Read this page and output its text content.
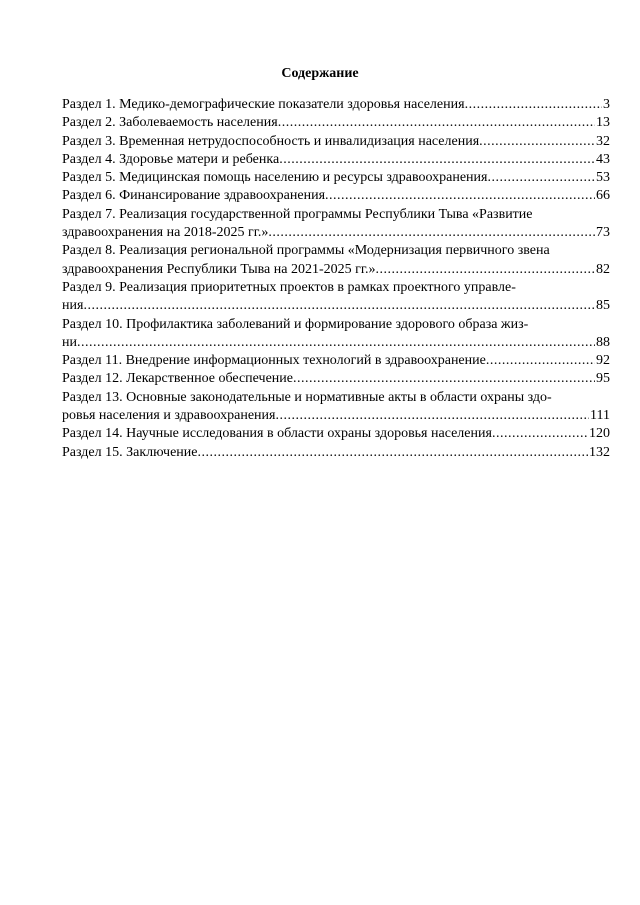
Содержание
Раздел 1. Медико-демографические показатели здоровья населения .....	3
Раздел 2. Заболеваемость населения .....	13
Раздел 3. Временная нетрудоспособность и инвалидизация населения .....	32
Раздел 4. Здоровье матери и ребенка .....	43
Раздел 5. Медицинская помощь населению и ресурсы здравоохранения .....	53
Раздел 6. Финансирование здравоохранения .....	66
Раздел 7. Реализация государственной программы Республики Тыва «Развитие
здравоохранения на 2018-2025 гг.» .....	73
Раздел 8. Реализация региональной программы «Модернизация первичного звена
здравоохранения Республики Тыва на 2021-2025 гг.» .....	82
Раздел 9. Реализация приоритетных проектов в рамках проектного управле-
ния .....	85
Раздел 10. Профилактика заболеваний и формирование здорового образа жиз-
ни .....	88
Раздел 11. Внедрение информационных технологий в здравоохранение .....	92
Раздел 12. Лекарственное обеспечение .....	95
Раздел 13. Основные законодательные и нормативные акты в области охраны здо-
ровья населения и здравоохранения .....	111
Раздел 14. Научные исследования в области охраны здоровья населения .....	120
Раздел 15. Заключение .....	132
